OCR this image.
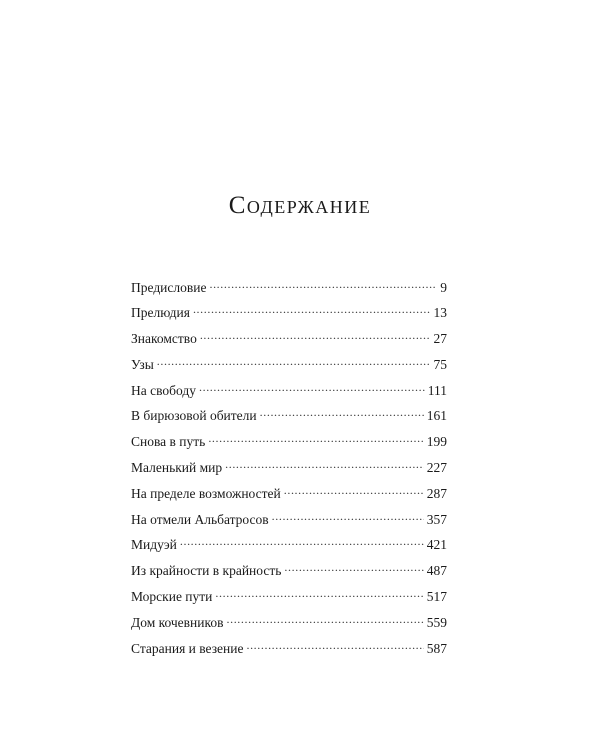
Содержание
Предисловие . . .	9
Прелюдия . . .	13
Знакомство . . .	27
Узы . . .	75
На свободу . . .	111
В бирюзовой обители . . .	161
Снова в путь . . .	199
Маленький мир . . .	227
На пределе возможностей . . .	287
На отмели Альбатросов . . .	357
Мидуэй . . .	421
Из крайности в крайность . . .	487
Морские пути . . .	517
Дом кочевников . . .	559
Старания и везение . . .	587
